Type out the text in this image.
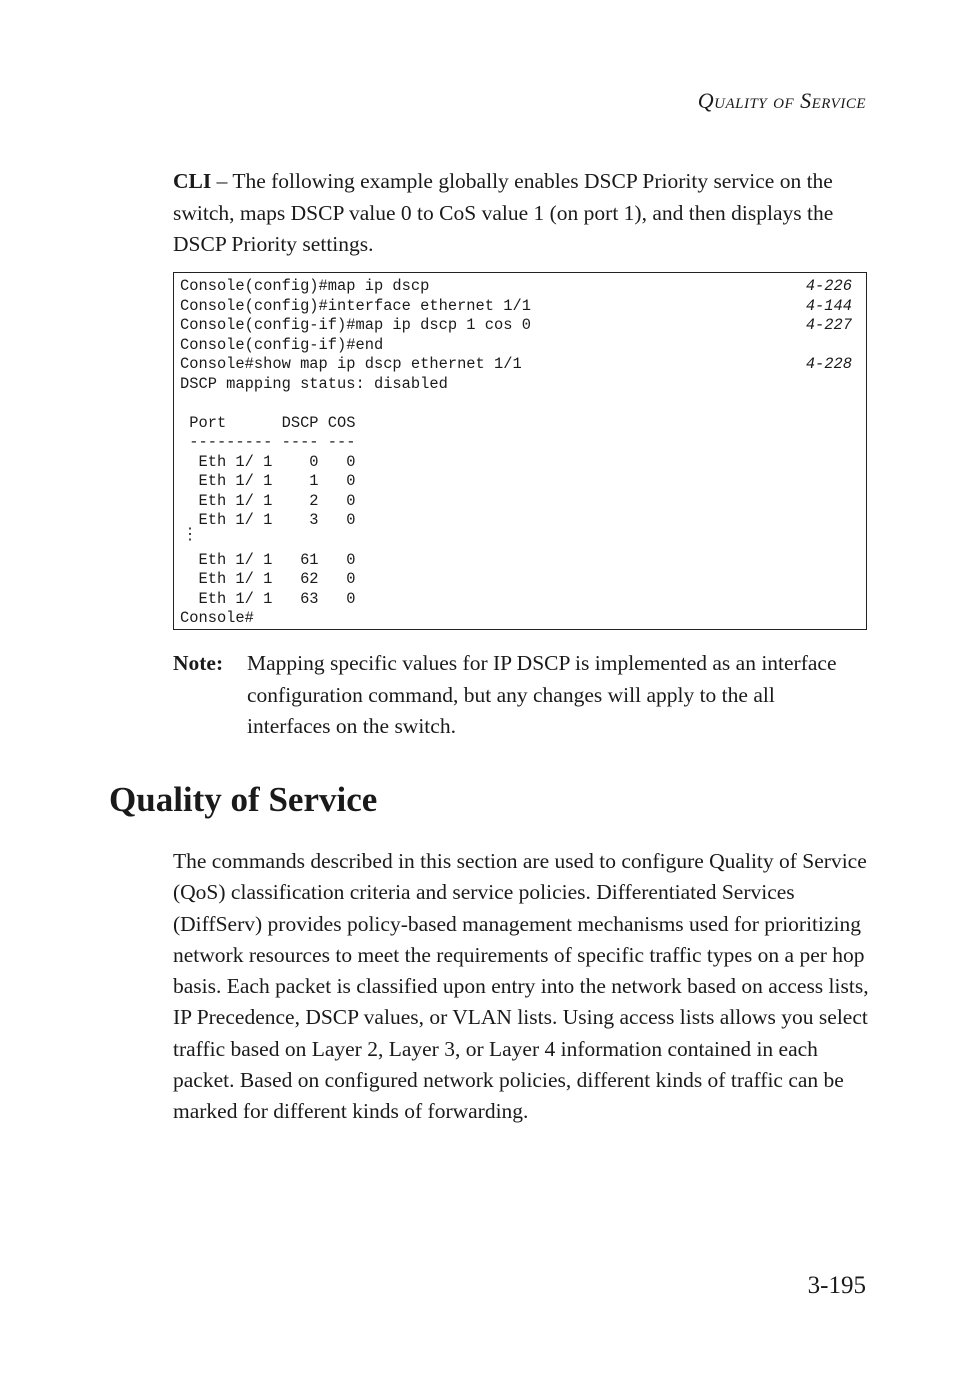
Quality of Service

CLI – The following example globally enables DSCP Priority service on the switch, maps DSCP value 0 to CoS value 1 (on port 1), and then displays the DSCP Priority settings.

Console(config)#map ip dscp	4-226
Console(config)#interface ethernet 1/1	4-144
Console(config-if)#map ip dscp 1 cos 0	4-227
Console(config-if)#end
Console#show map ip dscp ethernet 1/1	4-228
DSCP mapping status: disabled
Port      DSCP COS
--------- ---- ---
Eth 1/ 1    0   0
Eth 1/ 1    1   0
Eth 1/ 1    2   0
Eth 1/ 1    3   0
⋮
Eth 1/ 1   61   0
Eth 1/ 1   62   0
Eth 1/ 1   63   0
Console#
Note: Mapping specific values for IP DSCP is implemented as an interface configuration command, but any changes will apply to the all interfaces on the switch.
Quality of Service

The commands described in this section are used to configure Quality of Service (QoS) classification criteria and service policies. Differentiated Services (DiffServ) provides policy-based management mechanisms used for prioritizing network resources to meet the requirements of specific traffic types on a per hop basis. Each packet is classified upon entry into the network based on access lists, IP Precedence, DSCP values, or VLAN lists. Using access lists allows you select traffic based on Layer 2, Layer 3, or Layer 4 information contained in each packet. Based on configured network policies, different kinds of traffic can be marked for different kinds of forwarding.

3-195
